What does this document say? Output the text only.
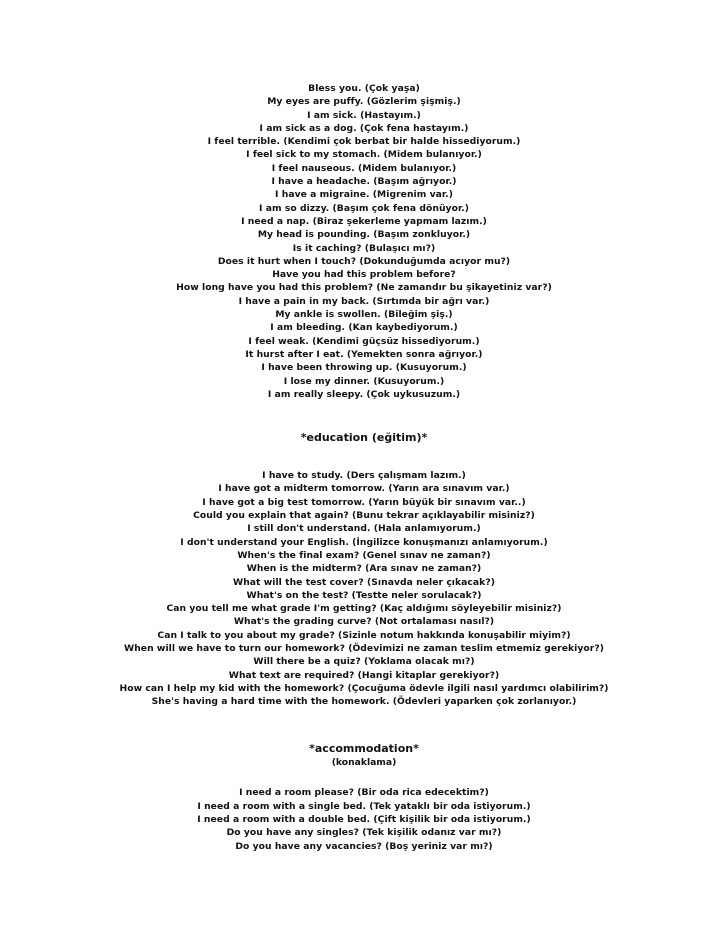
Bless you. (Çok yaşa)
My eyes are puffy. (Gözlerim şişmiş.)
I am sick. (Hastayım.)
I am sick as a dog. (Çok fena hastayım.)
I feel terrible. (Kendimi çok berbat bir halde hissediyorum.)
I feel sick to my stomach. (Midem bulanıyor.)
I feel nauseous. (Midem bulanıyor.)
I have a headache. (Başım ağrıyor.)
I have a migraine. (Migrenim var.)
I am so dizzy. (Başım çok fena dönüyor.)
I need a nap. (Biraz şekerleme yapmam lazım.)
My head is pounding. (Başım zonkluyor.)
Is it caching? (Bulaşıcı mı?)
Does it hurt when I touch? (Dokunduğumda acıyor mu?)
Have you had this problem before?
How long have you had this problem? (Ne zamandır bu şikayetiniz var?)
I have a pain in my back. (Sırtımda bir ağrı var.)
My ankle is swollen. (Bileğim şiş.)
I am bleeding. (Kan kaybediyorum.)
I feel weak. (Kendimi güçsüz hissediyorum.)
It hurst after I eat. (Yemekten sonra ağrıyor.)
I have been throwing up. (Kusuyorum.)
I lose my dinner. (Kusuyorum.)
I am really sleepy. (Çok uykusuzum.)
*education (eğitim)*
I have to study. (Ders çalışmam lazım.)
I have got a midterm tomorrow. (Yarın ara sınavım var.)
I have got a big test tomorrow. (Yarın büyük bir sınavım var..)
Could you explain that again? (Bunu tekrar açıklayabilir misiniz?)
I still don't understand. (Hala anlamıyorum.)
I don't understand your English. (İngilizce konuşmanızı anlamıyorum.)
When's the final exam? (Genel sınav ne zaman?)
When is the midterm? (Ara sınav ne zaman?)
What will the test cover? (Sınavda neler çıkacak?)
What's on the test? (Testte neler sorulacak?)
Can you tell me what grade I'm getting? (Kaç aldığımı söyleyebilir misiniz?)
What's the grading curve? (Not ortalaması nasıl?)
Can I talk to you about my grade? (Sizinle notum hakkında konuşabilir miyim?)
When will we have to turn our homework? (Ödevimizi ne zaman teslim etmemiz gerekiyor?)
Will there be a quiz? (Yoklama olacak mı?)
What text are required? (Hangi kitaplar gerekiyor?)
How can I help my kid with the homework? (Çocuğuma ödevle ilgili nasıl yardımcı olabilirim?)
She's having a hard time with the homework. (Ödevleri yaparken çok zorlanıyor.)
*accommodation*
(konaklama)
I need a room please? (Bir oda rica edecektim?)
I need a room with a single bed. (Tek yataklı bir oda istiyorum.)
I need a room with a double bed. (Çift kişilik bir oda istiyorum.)
Do you have any singles? (Tek kişilik odanız var mı?)
Do you have any vacancies? (Boş yeriniz var mı?)
